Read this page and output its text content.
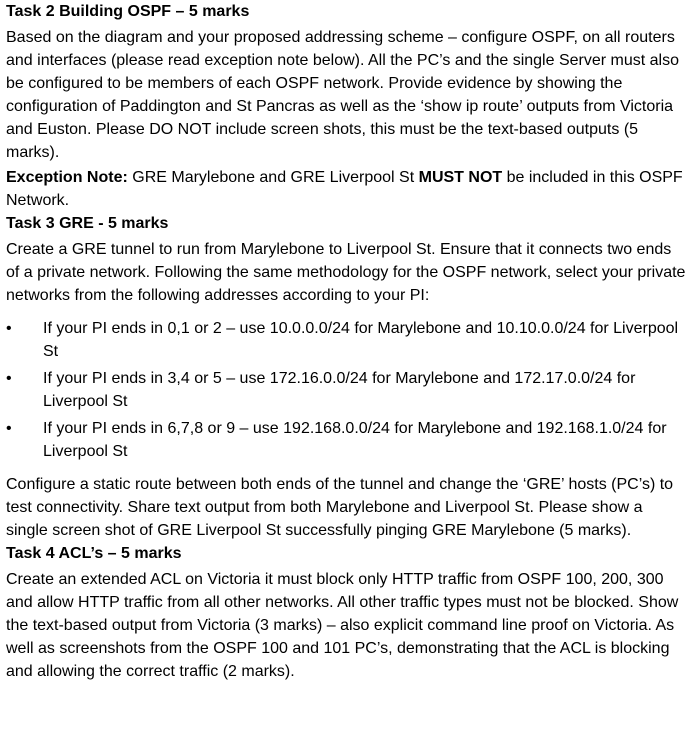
Task 2 Building OSPF – 5 marks
Based on the diagram and your proposed addressing scheme – configure OSPF, on all routers and interfaces (please read exception note below). All the PC’s and the single Server must also be configured to be members of each OSPF network. Provide evidence by showing the configuration of Paddington and St Pancras as well as the ‘show ip route’ outputs from Victoria and Euston. Please DO NOT include screen shots, this must be the text-based outputs (5 marks).
Exception Note: GRE Marylebone and GRE Liverpool St MUST NOT be included in this OSPF Network.
Task 3 GRE - 5 marks
Create a GRE tunnel to run from Marylebone to Liverpool St. Ensure that it connects two ends of a private network. Following the same methodology for the OSPF network, select your private networks from the following addresses according to your PI:
• If your PI ends in 0,1 or 2 – use 10.0.0.0/24 for Marylebone and 10.10.0.0/24 for Liverpool St
• If your PI ends in 3,4 or 5 – use 172.16.0.0/24 for Marylebone and 172.17.0.0/24 for Liverpool St
• If your PI ends in 6,7,8 or 9 – use 192.168.0.0/24 for Marylebone and 192.168.1.0/24 for Liverpool St
Configure a static route between both ends of the tunnel and change the ‘GRE’ hosts (PC’s) to test connectivity. Share text output from both Marylebone and Liverpool St. Please show a single screen shot of GRE Liverpool St successfully pinging GRE Marylebone (5 marks).
Task 4 ACL’s – 5 marks
Create an extended ACL on Victoria it must block only HTTP traffic from OSPF 100, 200, 300 and allow HTTP traffic from all other networks. All other traffic types must not be blocked. Show the text-based output from Victoria (3 marks) – also explicit command line proof on Victoria. As well as screenshots from the OSPF 100 and 101 PC’s, demonstrating that the ACL is blocking and allowing the correct traffic (2 marks).
